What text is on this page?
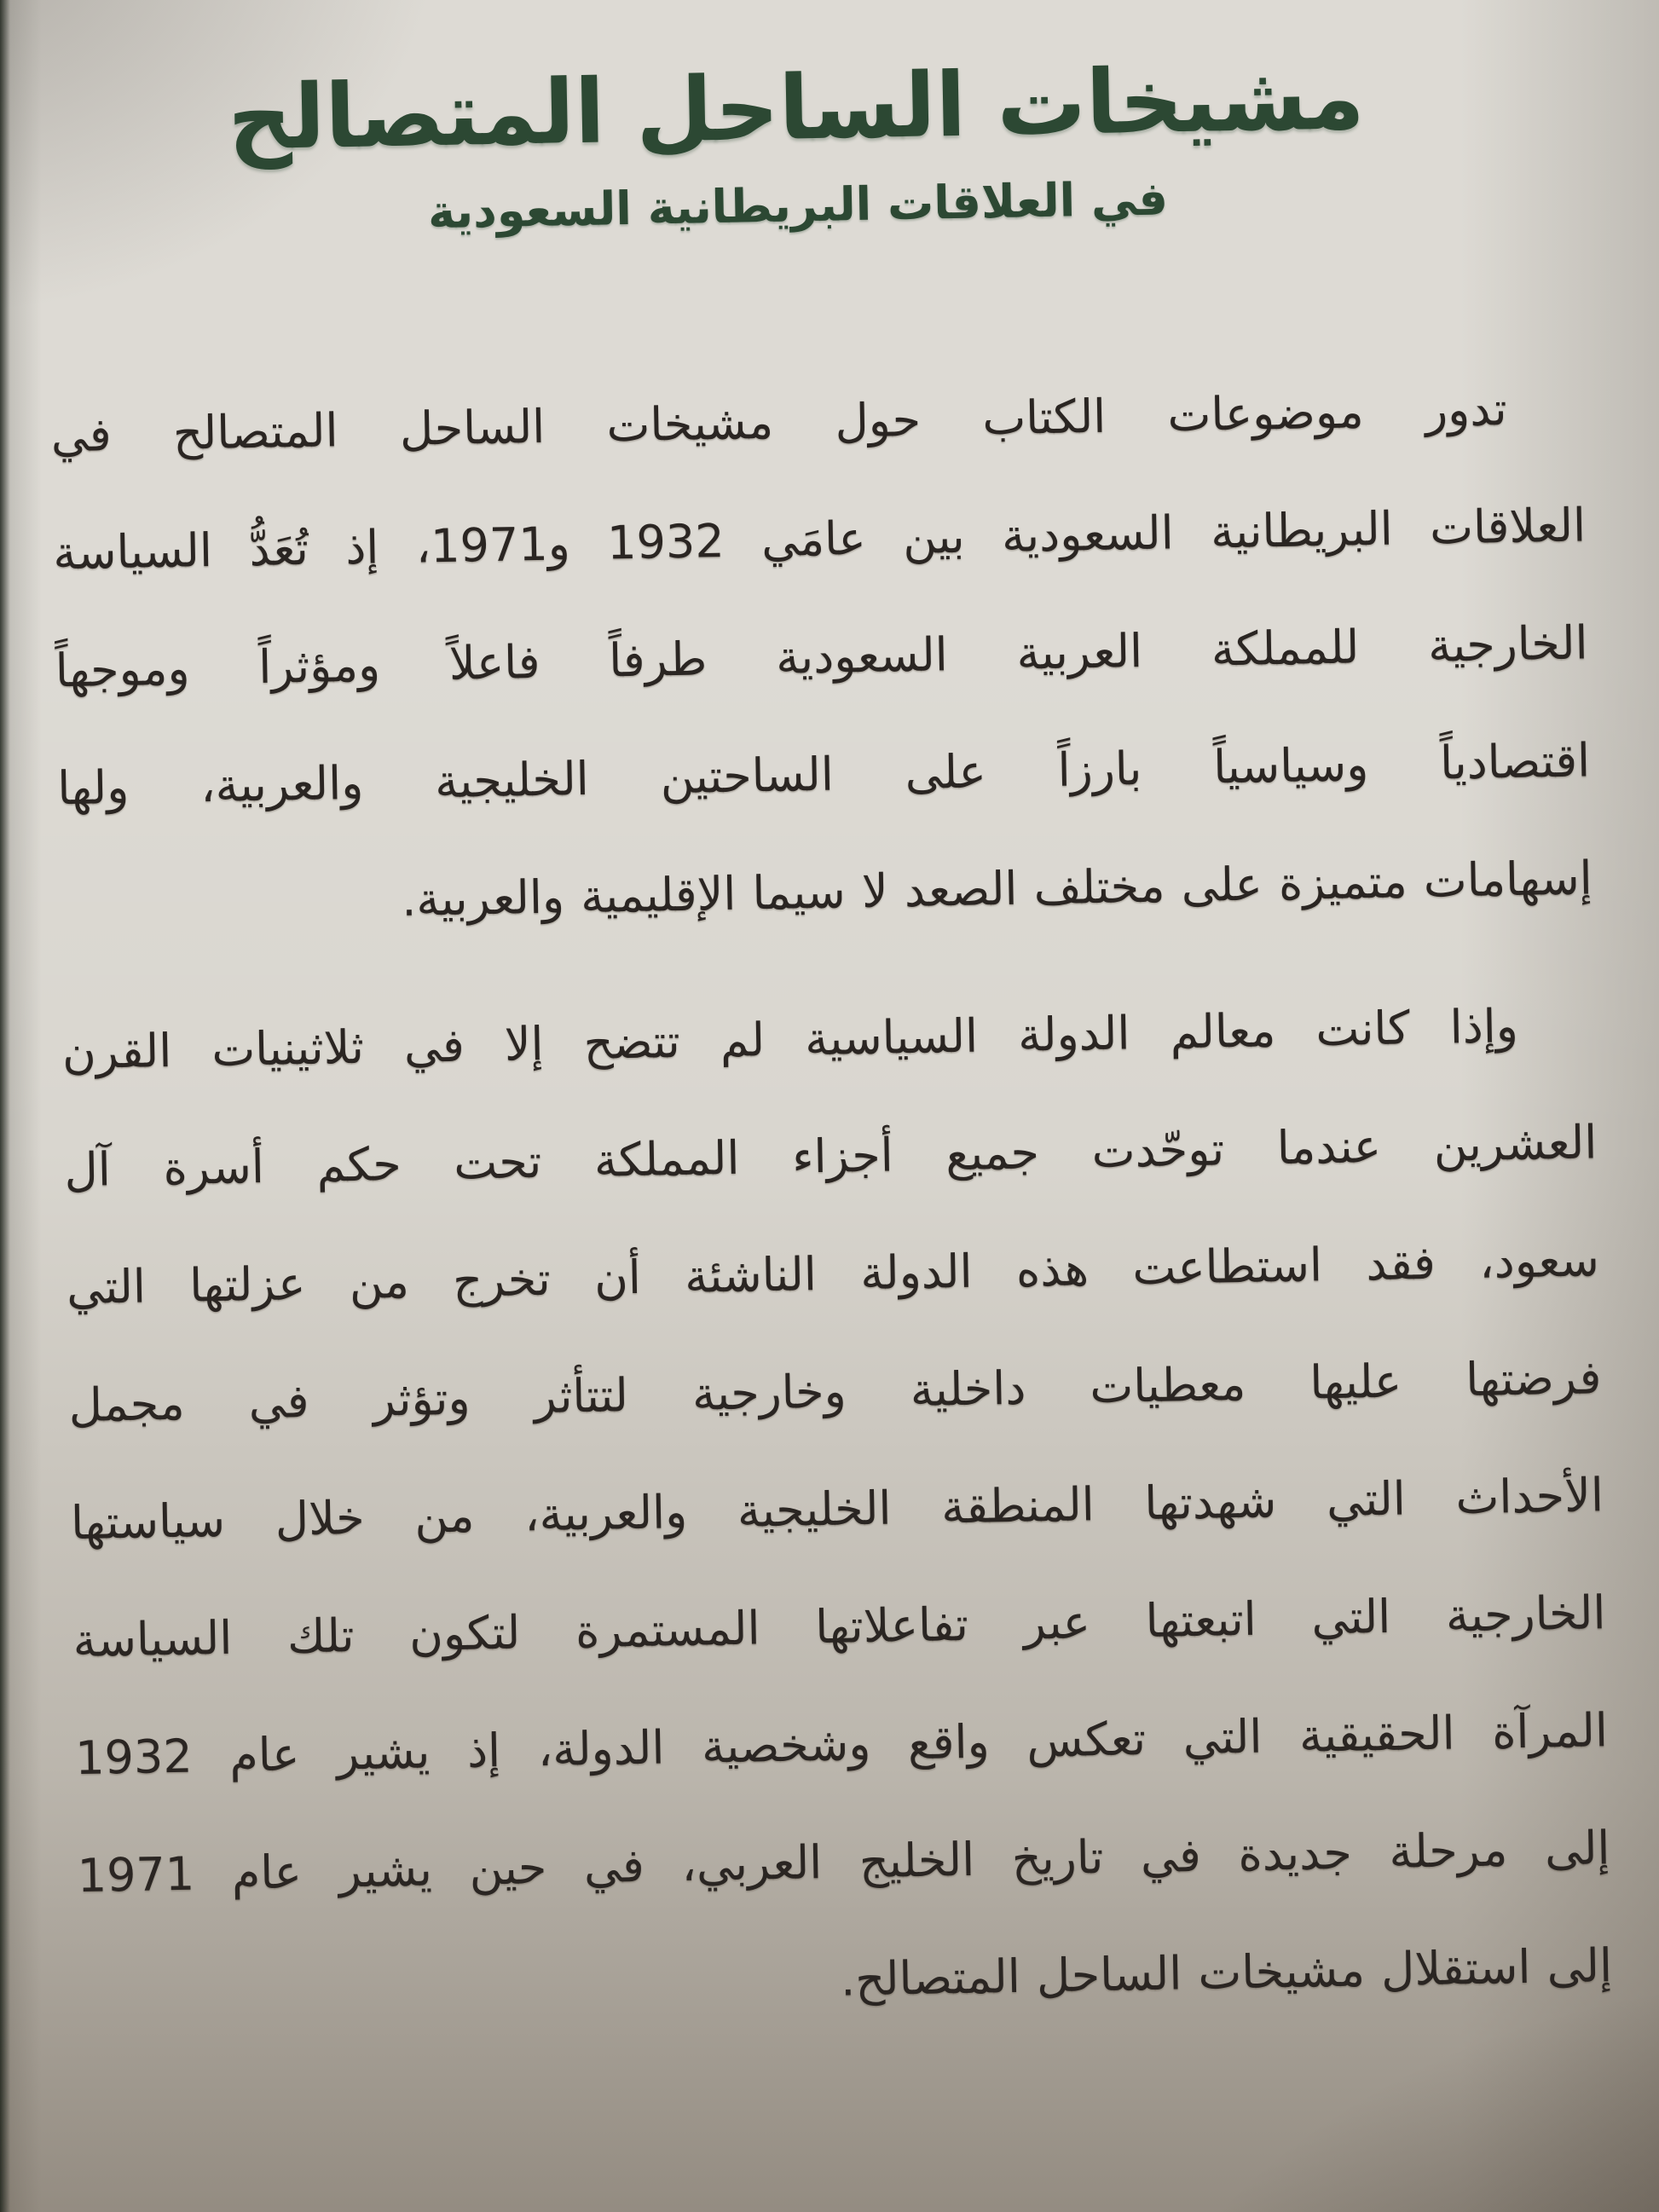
مشيخات الساحل المتصالح
في العلاقات البريطانية السعودية
تدور موضوعات الكتاب حول مشيخات الساحل المتصالح في
العلاقات البريطانية السعودية بين عامَي 1932 و1971، إذ تُعَدُّ السياسة
الخارجية للمملكة العربية السعودية طرفاً فاعلاً ومؤثراً وموجهاً
اقتصادياً وسياسياً بارزاً على الساحتين الخليجية والعربية، ولها
إسهامات متميزة على مختلف الصعد لا سيما الإقليمية والعربية.
وإذا كانت معالم الدولة السياسية لم تتضح إلا في ثلاثينيات القرن
العشرين عندما توحّدت جميع أجزاء المملكة تحت حكم أسرة آل
سعود، فقد استطاعت هذه الدولة الناشئة أن تخرج من عزلتها التي
فرضتها عليها معطيات داخلية وخارجية لتتأثر وتؤثر في مجمل
الأحداث التي شهدتها المنطقة الخليجية والعربية، من خلال سياستها
الخارجية التي اتبعتها عبر تفاعلاتها المستمرة لتكون تلك السياسة
المرآة الحقيقية التي تعكس واقع وشخصية الدولة، إذ يشير عام 1932
إلى مرحلة جديدة في تاريخ الخليج العربي، في حين يشير عام 1971
إلى استقلال مشيخات الساحل المتصالح.
